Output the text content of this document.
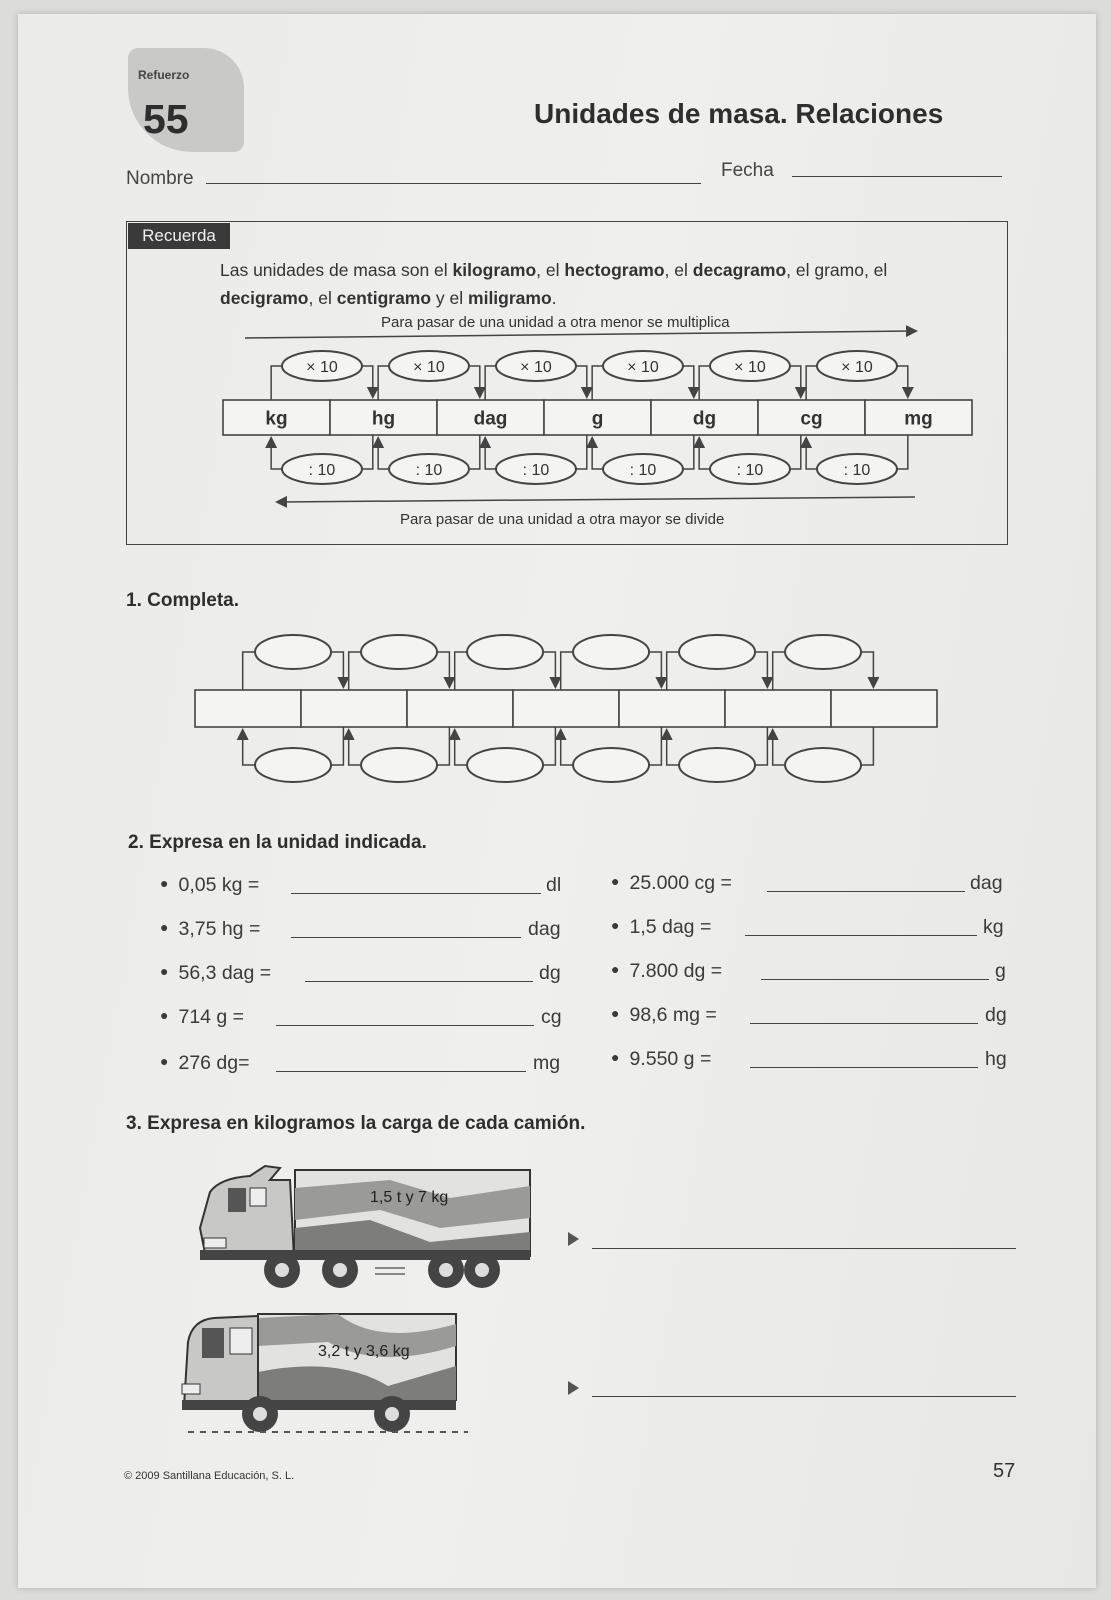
Refuerzo
55	Unidades de masa. Relaciones
Nombre	Fecha
Recuerda
Las unidades de masa son el kilogramo, el hectogramo, el decagramo, el gramo, el decigramo, el centigramo y el miligramo.
Para pasar de una unidad a otra menor se multiplica
Para pasar de una unidad a otra mayor se divide
kg	hg	dag	g	dg	cg	mg
× 10
: 10
× 10
: 10
× 10
: 10
× 10
: 10
× 10
: 10
× 10
: 10
1. Completa.
2. Expresa en la unidad indicada.
● 0,05 kg =	dl
● 3,75 hg =	dag
● 56,3 dag =	dg
● 714 g =	cg
● 276 dg=	mg
● 25.000 cg =	dag
● 1,5 dag =	kg
● 7.800 dg =	g
● 98,6 mg =	dg
● 9.550 g =	hg
3. Expresa en kilogramos la carga de cada camión.
1,5 t y 7 kg
3,2 t y 3,6 kg
© 2009 Santillana Educación, S. L.	57
